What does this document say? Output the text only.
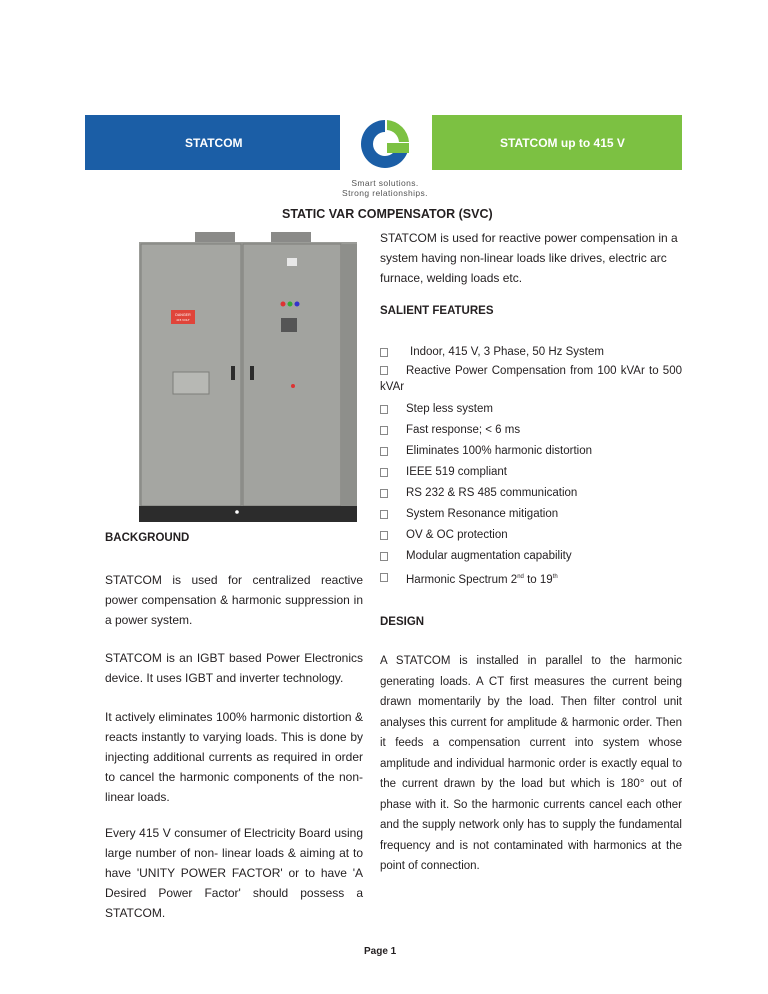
STATCOM	STATCOM up to 415 V
Smart solutions.
Strong relationships.
STATIC VAR COMPENSATOR (SVC)
DANGER
415 VOLT
STATCOM is used for reactive power compensation in a system having non-linear loads like drives, electric arc furnace, welding loads etc.
SALIENT FEATURES
Indoor, 415 V, 3 Phase, 50 Hz System
Reactive Power Compensation from 100 kVAr to 500 kVAr
Step less system
Fast response; < 6 ms
Eliminates 100% harmonic distortion
IEEE 519 compliant
RS 232 & RS 485 communication
System Resonance mitigation
OV & OC protection
Modular augmentation capability
Harmonic Spectrum 2nd to 19th
BACKGROUND
STATCOM is used for centralized reactive power compensation & harmonic suppression in a power system.
STATCOM is an IGBT based Power Electronics device. It uses IGBT and inverter technology.
It actively eliminates 100% harmonic distortion & reacts instantly to varying loads. This is done by injecting additional currents as required in order to cancel the harmonic components of the non-linear loads.
Every 415 V consumer of Electricity Board using large number of non- linear loads & aiming at to have 'UNITY POWER FACTOR' or to have 'A Desired Power Factor' should possess a STATCOM.
DESIGN
A STATCOM is installed in parallel to the harmonic generating loads. A CT first measures the current being drawn momentarily by the load. Then filter control unit analyses this current for amplitude & harmonic order. Then it feeds a compensation current into system whose amplitude and individual harmonic order is exactly equal to the current drawn by the load but which is 180° out of phase with it. So the harmonic currents cancel each other and the supply network only has to supply the fundamental frequency and is not contaminated with harmonics at the point of connection.
Page 1
